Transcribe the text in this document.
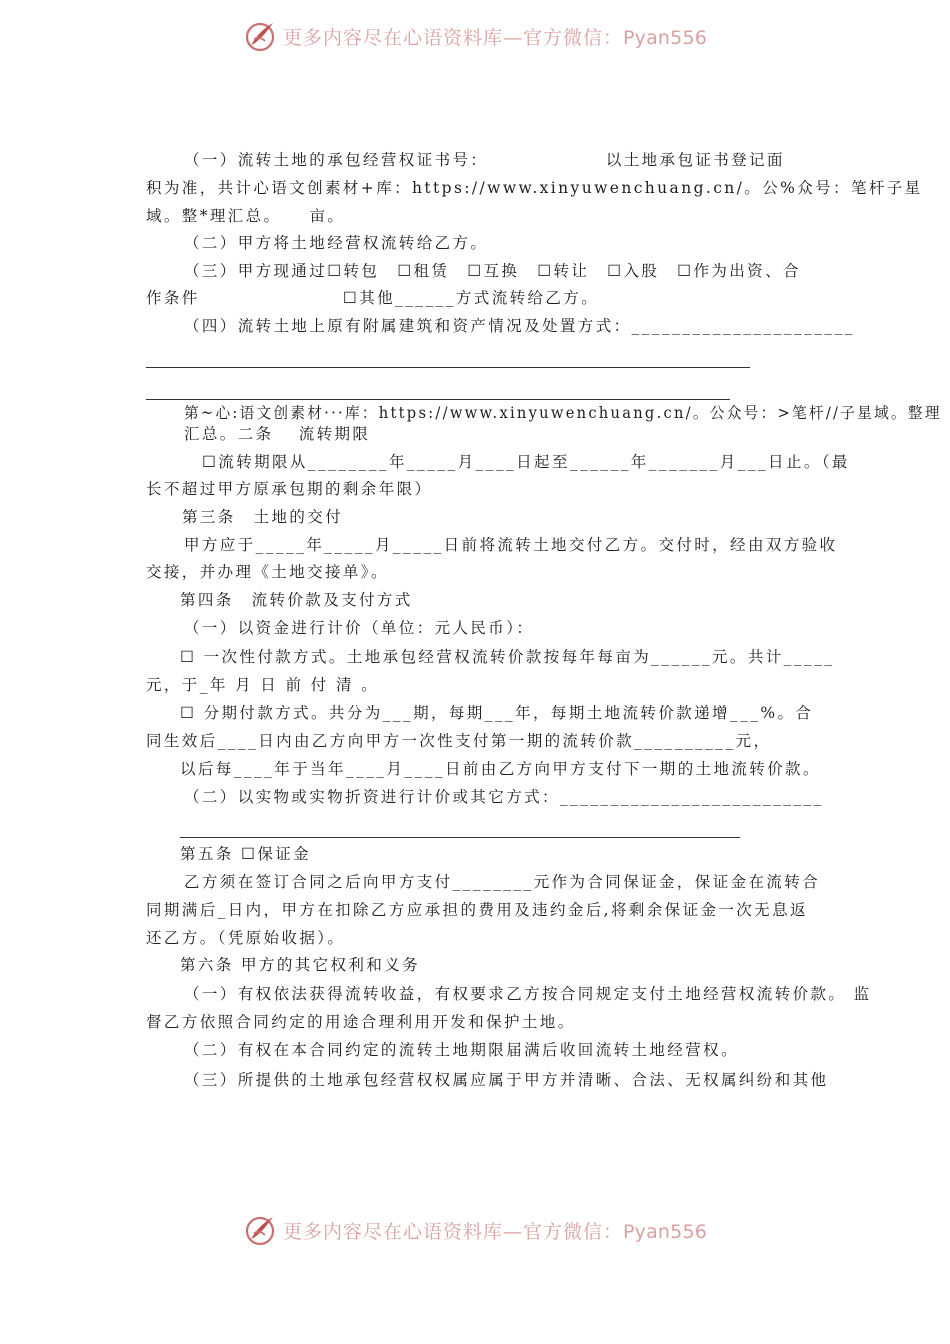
更多内容尽在心语资料库—官方微信：Pyan556
（一）流转土地的承包经营权证书号：　　　　　　　以土地承包证书登记面
积为准，共计心语文创素材+库：https://www.xinyuwenchuang.cn/。公%众号：笔杆子星
域。整*理汇总。　　亩。
（二）甲方将土地经营权流转给乙方。
（三）甲方现通过☐转包　☐租赁　☐互换　☐转让　☐入股　☐作为出资、合
作条件　　　　　　　　☐其他______方式流转给乙方。
（四）流转土地上原有附属建筑和资产情况及处置方式：______________________
第~心:语文创素材···库：https://www.xinyuwenchuang.cn/。公众号：>笔杆//子星域。整理
汇总。二条　 流转期限
☐流转期限从________年_____月____日起至______年_______月___日止。（最
长不超过甲方原承包期的剩余年限）
第三条　土地的交付
甲方应于_____年_____月_____日前将流转土地交付乙方。交付时，经由双方验收
交接，并办理《土地交接单》。
第四条　流转价款及支付方式
（一）以资金进行计价（单位：元人民币）：
☐ 一次性付款方式。土地承包经营权流转价款按每年每亩为______元。共计_____
元，于_年 月 日 前 付 清 。
☐ 分期付款方式。共分为___期，每期___年，每期土地流转价款递增___%。合
同生效后____日内由乙方向甲方一次性支付第一期的流转价款__________元，
以后每____年于当年____月____日前由乙方向甲方支付下一期的土地流转价款。
（二）以实物或实物折资进行计价或其它方式：__________________________
第五条 ☐保证金
乙方须在签订合同之后向甲方支付________元作为合同保证金，保证金在流转合
同期满后_日内，甲方在扣除乙方应承担的费用及违约金后,将剩余保证金一次无息返
还乙方。（凭原始收据）。
第六条 甲方的其它权利和义务
（一）有权依法获得流转收益，有权要求乙方按合同规定支付土地经营权流转价款。 监
督乙方依照合同约定的用途合理利用开发和保护土地。
（二）有权在本合同约定的流转土地期限届满后收回流转土地经营权。
（三）所提供的土地承包经营权权属应属于甲方并清晰、合法、无权属纠纷和其他
更多内容尽在心语资料库—官方微信：Pyan556
